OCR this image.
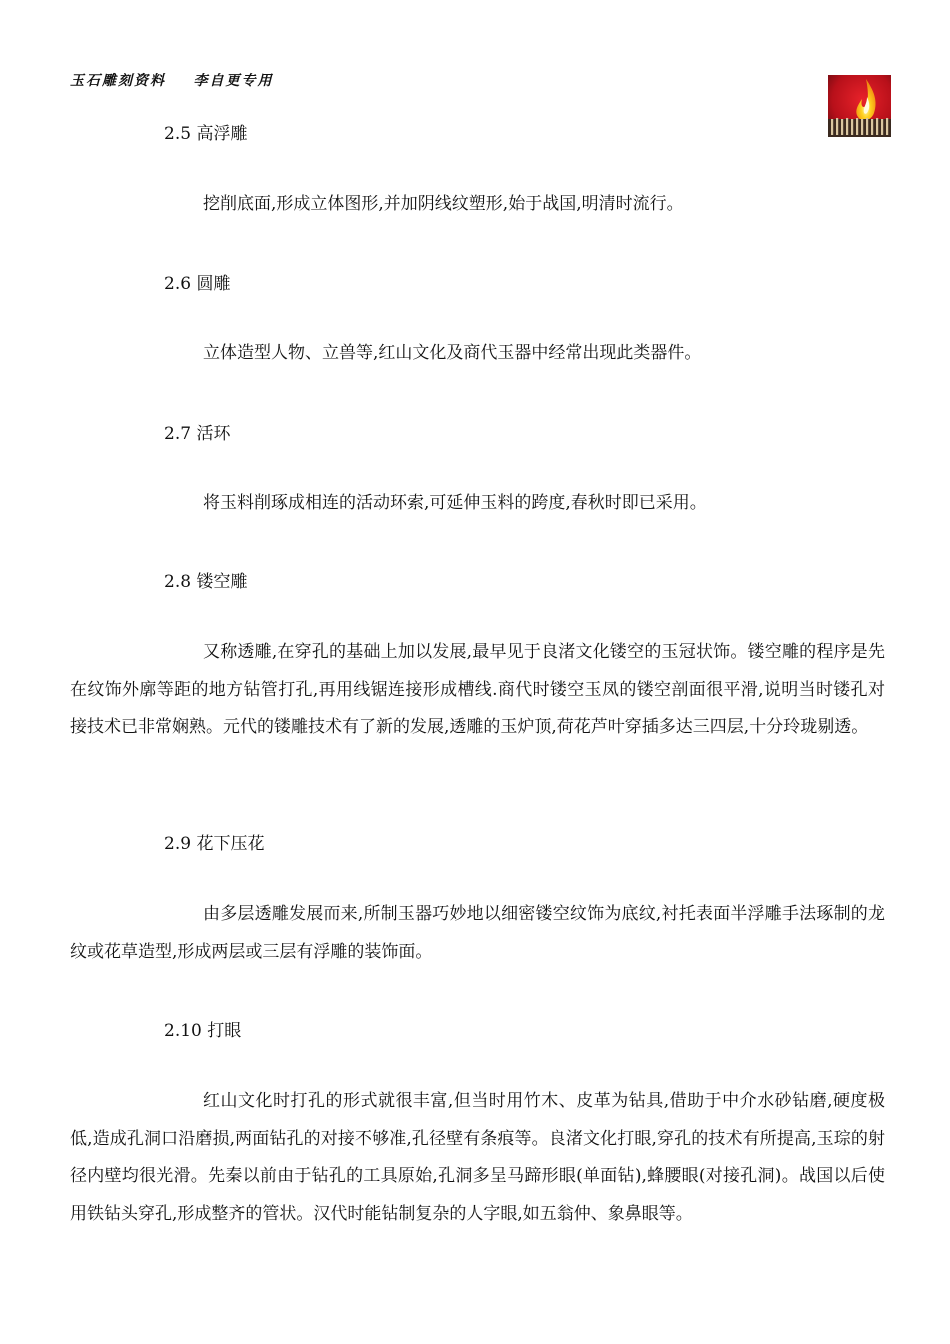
玉石雕刻资料    李自更专用
2.5 高浮雕

挖削底面,形成立体图形,并加阴线纹塑形,始于战国,明清时流行。

2.6 圆雕

立体造型人物、立兽等,红山文化及商代玉器中经常出现此类器件。

2.7 活环

将玉料削琢成相连的活动环索,可延伸玉料的跨度,春秋时即已采用。

2.8 镂空雕

又称透雕,在穿孔的基础上加以发展,最早见于良渚文化镂空的玉冠状饰。镂空雕的程序是先在纹饰外廓等距的地方钻管打孔,再用线锯连接形成槽线.商代时镂空玉凤的镂空剖面很平滑,说明当时镂孔对接技术已非常娴熟。元代的镂雕技术有了新的发展,透雕的玉炉顶,荷花芦叶穿插多达三四层,十分玲珑剔透。

2.9 花下压花

由多层透雕发展而来,所制玉器巧妙地以细密镂空纹饰为底纹,衬托表面半浮雕手法琢制的龙纹或花草造型,形成两层或三层有浮雕的装饰面。

2.10 打眼

红山文化时打孔的形式就很丰富,但当时用竹木、皮革为钻具,借助于中介水砂钻磨,硬度极低,造成孔洞口沿磨损,两面钻孔的对接不够准,孔径壁有条痕等。良渚文化打眼,穿孔的技术有所提高,玉琮的射径内壁均很光滑。先秦以前由于钻孔的工具原始,孔洞多呈马蹄形眼(单面钻),蜂腰眼(对接孔洞)。战国以后使用铁钻头穿孔,形成整齐的管状。汉代时能钻制复杂的人字眼,如五翁仲、象鼻眼等。
